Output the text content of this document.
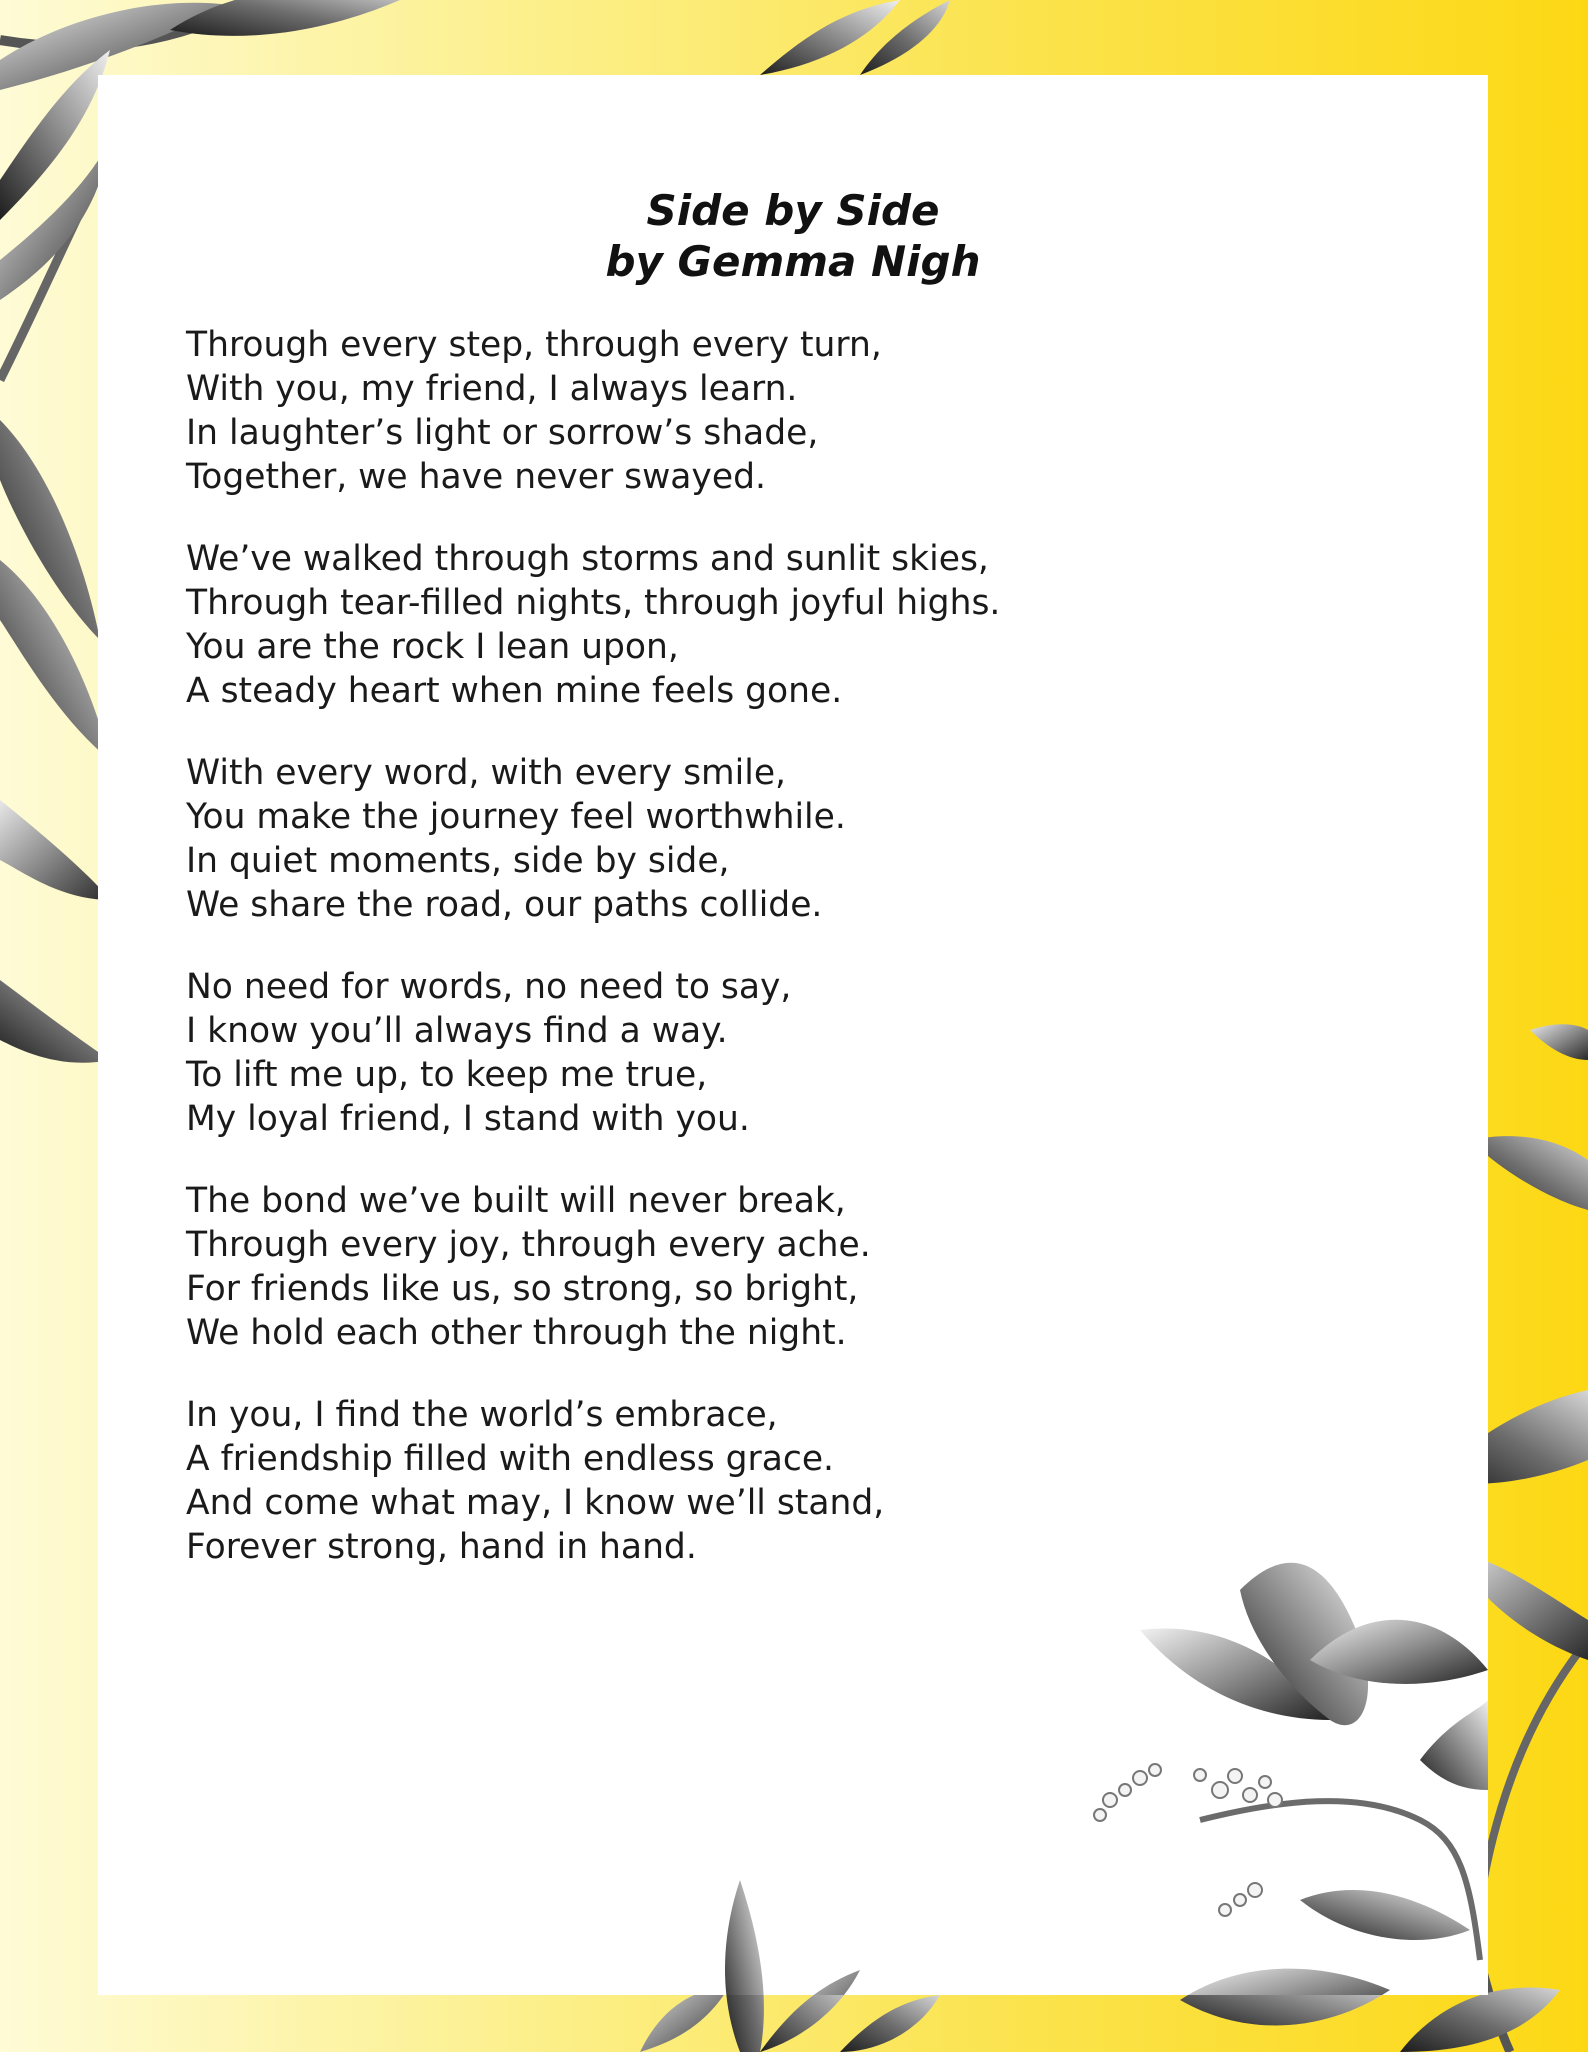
Side by Side
by Gemma Nigh
Through every step, through every turn,
With you, my friend, I always learn.
In laughter’s light or sorrow’s shade,
Together, we have never swayed.
We’ve walked through storms and sunlit skies,
Through tear-filled nights, through joyful highs.
You are the rock I lean upon,
A steady heart when mine feels gone.
With every word, with every smile,
You make the journey feel worthwhile.
In quiet moments, side by side,
We share the road, our paths collide.
No need for words, no need to say,
I know you’ll always find a way.
To lift me up, to keep me true,
My loyal friend, I stand with you.
The bond we’ve built will never break,
Through every joy, through every ache.
For friends like us, so strong, so bright,
We hold each other through the night.
In you, I find the world’s embrace,
A friendship filled with endless grace.
And come what may, I know we’ll stand,
Forever strong, hand in hand.
